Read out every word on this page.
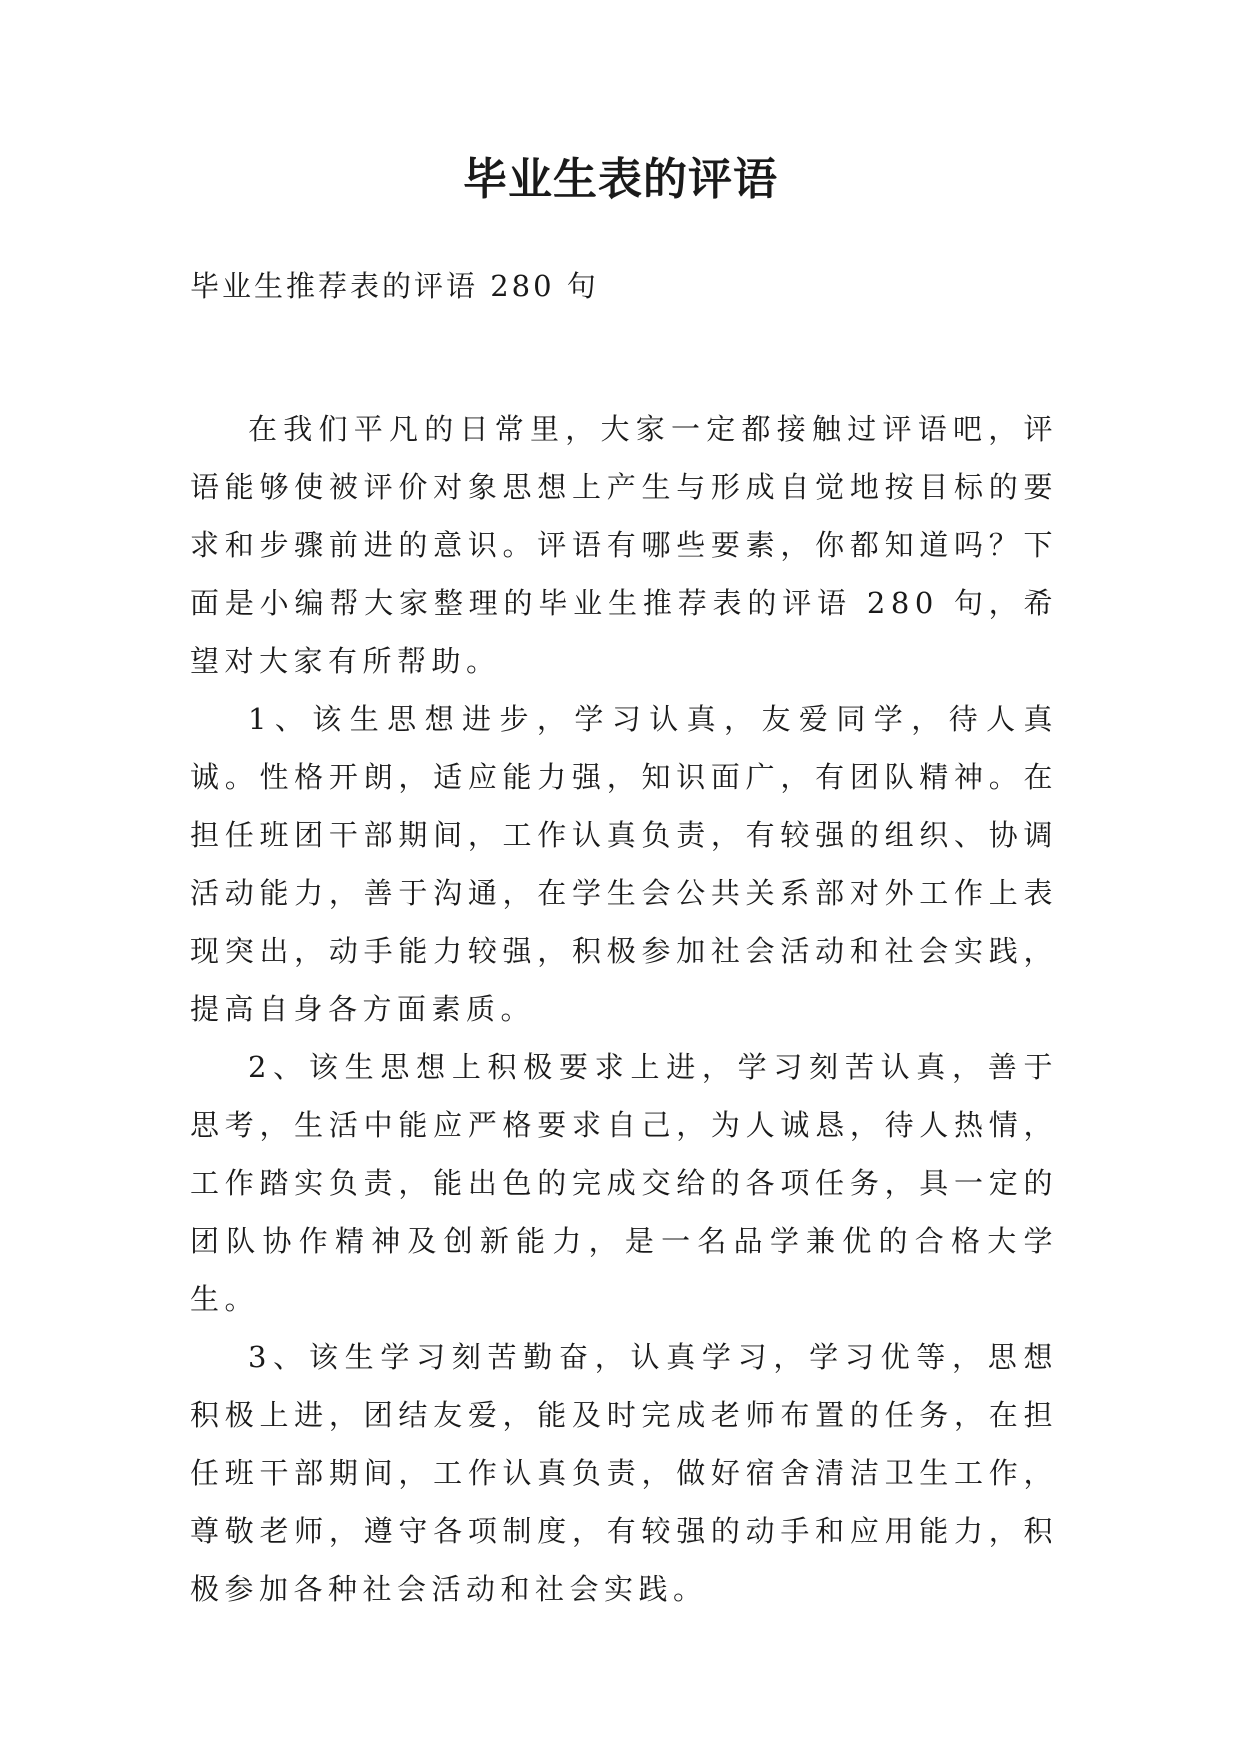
毕业生表的评语
毕业生推荐表的评语 280 句

在我们平凡的日常里，大家一定都接触过评语吧，评语能够使被评价对象思想上产生与形成自觉地按目标的要求和步骤前进的意识。评语有哪些要素，你都知道吗？下面是小编帮大家整理的毕业生推荐表的评语 280 句，希望对大家有所帮助。

1、该生思想进步，学习认真，友爱同学，待人真诚。性格开朗，适应能力强，知识面广，有团队精神。在担任班团干部期间，工作认真负责，有较强的组织、协调活动能力，善于沟通，在学生会公共关系部对外工作上表现突出，动手能力较强，积极参加社会活动和社会实践，提高自身各方面素质。

2、该生思想上积极要求上进，学习刻苦认真，善于思考，生活中能应严格要求自己，为人诚恳，待人热情，工作踏实负责，能出色的完成交给的各项任务，具一定的团队协作精神及创新能力，是一名品学兼优的合格大学生。

3、该生学习刻苦勤奋，认真学习，学习优等，思想积极上进，团结友爱，能及时完成老师布置的任务，在担任班干部期间，工作认真负责，做好宿舍清洁卫生工作，尊敬老师，遵守各项制度，有较强的动手和应用能力，积极参加各种社会活动和社会实践。
